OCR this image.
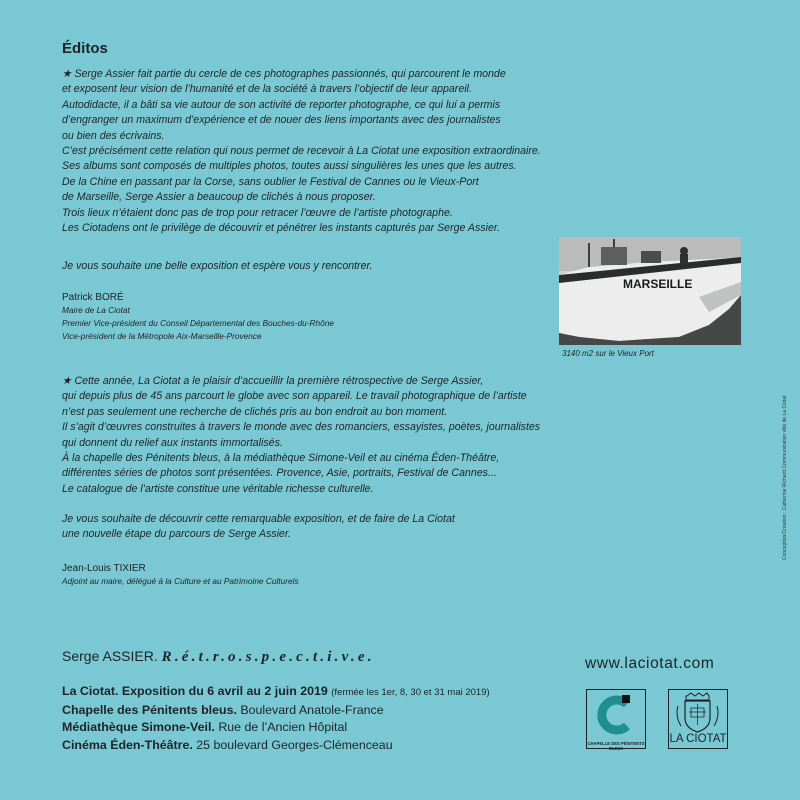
Éditos

★ Serge Assier fait partie du cercle de ces photographes passionnés, qui parcourent le monde

et exposent leur vision de l’humanité et de la société à travers l’objectif de leur appareil.

Autodidacte, il a bâti sa vie autour de son activité de reporter photographe, ce qui lui a permis

d’engranger un maximum d’expérience et de nouer des liens importants avec des journalistes

ou bien des écrivains.

C’est précisément cette relation qui nous permet de recevoir à La Ciotat une exposition extraordinaire.

Ses albums sont composés de multiples photos, toutes aussi singulières les unes que les autres.

De la Chine en passant par la Corse, sans oublier le Festival de Cannes ou le Vieux-Port

de Marseille, Serge Assier a beaucoup de clichés à nous proposer.

Trois lieux n’étaient donc pas de trop pour retracer l’œuvre de l’artiste photographe.

Les Ciotadens ont le privilège de découvrir et pénétrer les instants capturés par Serge Assier.

Je vous souhaite une belle exposition et espère vous y rencontrer.

Patrick BORÉ
Maire de La Ciotat
Premier Vice-président du Conseil Départemental des Bouches-du-Rhône
Vice-président de la Métropole Aix-Marseille-Provence
MARSEILLE
3140 m2 sur le Vieux Port

★ Cette année, La Ciotat a le plaisir d’accueillir la première rétrospective de Serge Assier,

qui depuis plus de 45 ans parcourt le globe avec son appareil. Le travail photographique de l’artiste

n’est pas seulement une recherche de clichés pris au bon endroit au bon moment.

Il s’agit d’œuvres construites à travers le monde avec des romanciers, essayistes, poètes, journalistes

qui donnent du relief aux instants immortalisés.

À la chapelle des Pénitents bleus, à la médiathèque Simone-Veil et au cinéma Éden-Théâtre,

différentes séries de photos sont présentées. Provence, Asie, portraits, Festival de Cannes...

Le catalogue de l’artiste constitue une véritable richesse culturelle.

Je vous souhaite de découvrir cette remarquable exposition, et de faire de La Ciotat

une nouvelle étape du parcours de Serge Assier.

Jean-Louis TIXIER
Adjoint au maire, délégué à la Culture et au Patrimoine Culturels
Conception/Création : Catherine Richard Communication ville de La Ciotat
Serge ASSIER. R.é.t.r.o.s.p.e.c.t.i.v.e.
La Ciotat. Exposition du 6 avril au 2 juin 2019 (fermée les 1er, 8, 30 et 31 mai 2019)
Chapelle des Pénitents bleus. Boulevard Anatole-France
Médiathèque Simone-Veil. Rue de l’Ancien Hôpital
Cinéma Éden-Théâtre. 25 boulevard Georges-Clémenceau
www.laciotat.com
CHAPELLE DES PÉNITENTS BLEUS
LA CIOTAT
